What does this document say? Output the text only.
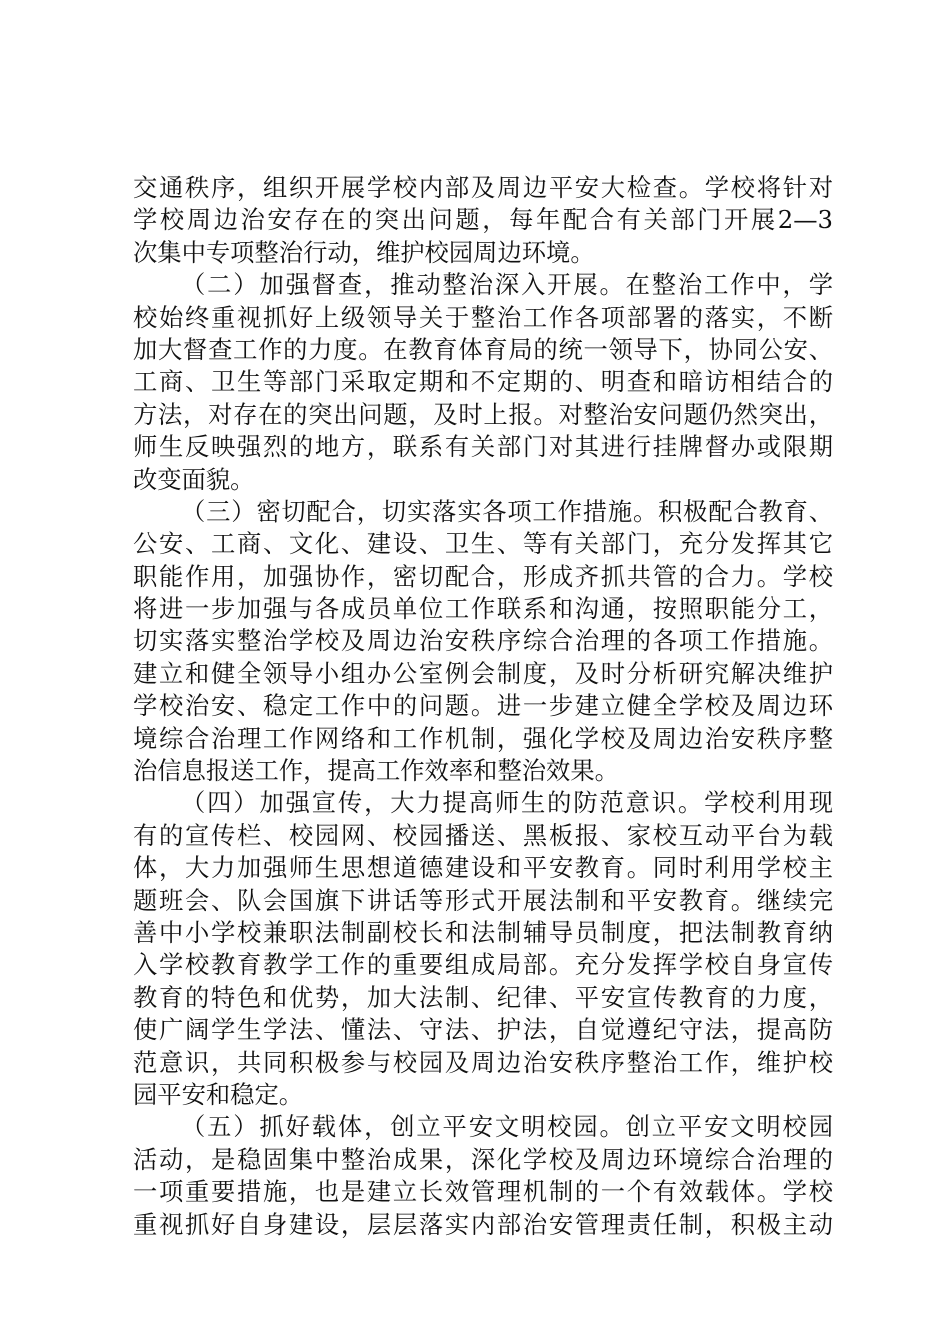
交通秩序，组织开展学校内部及周边平安大检查。学校将针对
学校周边治安存在的突出问题，每年配合有关部门开展2—3
次集中专项整治行动，维护校园周边环境。
（二）加强督查，推动整治深入开展。在整治工作中，学
校始终重视抓好上级领导关于整治工作各项部署的落实，不断
加大督查工作的力度。在教育体育局的统一领导下，协同公安、
工商、卫生等部门采取定期和不定期的、明查和暗访相结合的
方法，对存在的突出问题，及时上报。对整治安问题仍然突出，
师生反映强烈的地方，联系有关部门对其进行挂牌督办或限期
改变面貌。
（三）密切配合，切实落实各项工作措施。积极配合教育、
公安、工商、文化、建设、卫生、等有关部门，充分发挥其它
职能作用，加强协作，密切配合，形成齐抓共管的合力。学校
将进一步加强与各成员单位工作联系和沟通，按照职能分工，
切实落实整治学校及周边治安秩序综合治理的各项工作措施。
建立和健全领导小组办公室例会制度，及时分析研究解决维护
学校治安、稳定工作中的问题。进一步建立健全学校及周边环
境综合治理工作网络和工作机制，强化学校及周边治安秩序整
治信息报送工作，提高工作效率和整治效果。
（四）加强宣传，大力提高师生的防范意识。学校利用现
有的宣传栏、校园网、校园播送、黑板报、家校互动平台为载
体，大力加强师生思想道德建设和平安教育。同时利用学校主
题班会、队会国旗下讲话等形式开展法制和平安教育。继续完
善中小学校兼职法制副校长和法制辅导员制度，把法制教育纳
入学校教育教学工作的重要组成局部。充分发挥学校自身宣传
教育的特色和优势，加大法制、纪律、平安宣传教育的力度，
使广阔学生学法、懂法、守法、护法，自觉遵纪守法，提高防
范意识，共同积极参与校园及周边治安秩序整治工作，维护校
园平安和稳定。
（五）抓好载体，创立平安文明校园。创立平安文明校园
活动，是稳固集中整治成果，深化学校及周边环境综合治理的
一项重要措施，也是建立长效管理机制的一个有效载体。学校
重视抓好自身建设，层层落实内部治安管理责任制，积极主动
